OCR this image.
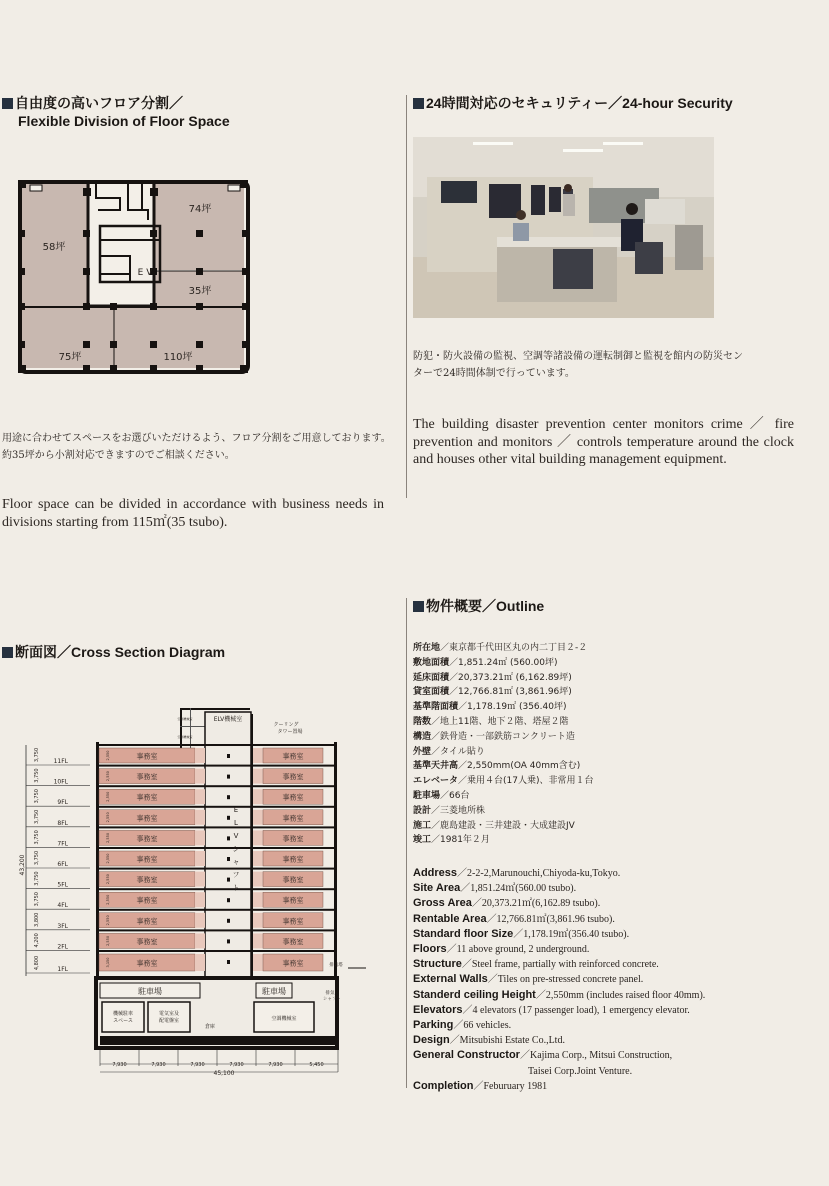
自由度の高いフロア分割／
Flexible Division of Floor Space
58坪
74坪
35坪
75坪	110坪
E V
用途に合わせてスペースをお選びいただけるよう、フロア分割をご用意しております。
約35坪から小割対応できますのでご相談ください。
Floor space can be divided in accordance with business needs in divisions starting from 115㎡(35 tsubo).
24時間対応のセキュリティー／24-hour Security
防犯・防火設備の監視、空調等諸設備の運転制御と監視を館内の防災セン
ターで24時間体制で行っています。
The building disaster prevention center monitors crime ／ fire prevention and monitors ／ controls temperature around the clock and houses other vital building management equipment.
断面図／Cross Section Diagram
事務室	事務室
2,550
11FL
3,750
事務室	事務室
2,550
10FL
3,750
事務室	事務室
2,550
9FL
3,750
事務室	事務室
2,550
8FL
3,750
事務室	事務室
2,550
7FL
3,750
事務室	事務室
2,550
6FL
3,750
事務室	事務室
2,550
5FL
3,750
事務室	事務室
2,550
4FL
3,750
事務室	事務室
2,550
3FL
3,800
事務室	事務室
2,550
2FL
4,200
事務室	事務室
3,150
1FL
4,800
E
L
V
シ
ャ
フ
ト
7,930	7,930	7,930	7,930	7,930	5,450
ELV機械室
空調機械室
空調機械室
クーリング
タワー置場
駐車場	駐車場
機械駐車
スペース
電気室及
配電盤室
倉庫
空調機械室
排気塔
排気
シャフト
43,200
45,100
物件概要／Outline
所在地／東京都千代田区丸の内二丁目２-２
敷地面積／1,851.24㎡ (560.00坪)
延床面積／20,373.21㎡ (6,162.89坪)
貸室面積／12,766.81㎡ (3,861.96坪)
基準階面積／1,178.19㎡ (356.40坪)
階数／地上11階、地下２階、塔屋２階
構造／鉄骨造・一部鉄筋コンクリート造
外壁／タイル貼り
基準天井高／2,550mm(OA 40mm含む)
エレベータ／乗用４台(17人乗)、非常用１台
駐車場／66台
設計／三菱地所株
施工／鹿島建設・三井建設・大成建設JV
竣工／1981年２月
Address／2-2-2,Marunouchi,Chiyoda-ku,Tokyo.
Site Area／1,851.24㎡(560.00 tsubo).
Gross Area／20,373.21㎡(6,162.89 tsubo).
Rentable Area／12,766.81㎡(3,861.96 tsubo).
Standard floor Size／1,178.19㎡(356.40 tsubo).
Floors／11 above ground, 2 underground.
Structure／Steel frame, partially with reinforced concrete.
External Walls／Tiles on pre-stressed concrete panel.
Standerd ceiling Height／2,550mm (includes raised floor 40mm).
Elevators／4 elevators (17 passenger load), 1 emergency elevator.
Parking／66 vehicles.
Design／Mitsubishi Estate Co.,Ltd.
General Constructor／Kajima Corp., Mitsui Construction,
Taisei Corp.Joint Venture.
Completion／Feburuary 1981
